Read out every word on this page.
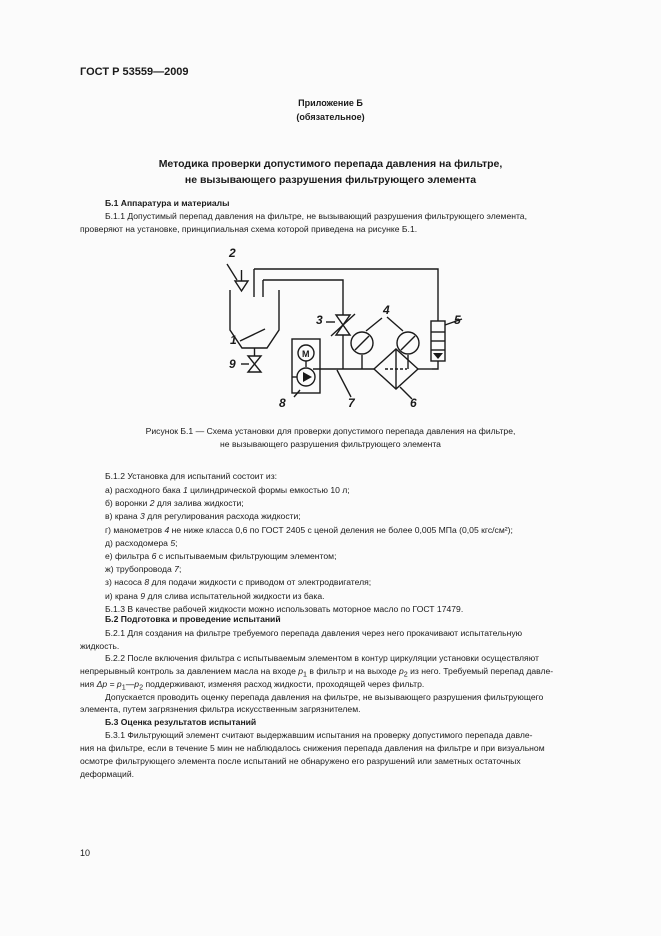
ГОСТ Р 53559—2009
Приложение Б
(обязательное)
Методика проверки допустимого перепада давления на фильтре,
не вызывающего разрушения фильтрующего элемента
Б.1 Аппаратура и материалы
Б.1.1 Допустимый перепад давления на фильтре, не вызывающий разрушения фильтрующего элемента,
проверяют на установке, принципиальная схема которой приведена на рисунке Б.1.
2
1
3
4
5
9
8	7	6
М
Рисунок Б.1 — Схема установки для проверки допустимого перепада давления на фильтре,
не вызывающего разрушения фильтрующего элемента
Б.1.2 Установка для испытаний состоит из:
а) расходного бака 1 цилиндрической формы емкостью 10 л;
б) воронки 2 для залива жидкости;
в) крана 3 для регулирования расхода жидкости;
г) манометров 4 не ниже класса 0,6 по ГОСТ 2405 с ценой деления не более 0,005 МПа (0,05 кгс/см²);
д) расходомера 5;
е) фильтра 6 с испытываемым фильтрующим элементом;
ж) трубопровода 7;
з) насоса 8 для подачи жидкости с приводом от электродвигателя;
и) крана 9 для слива испытательной жидкости из бака.
Б.1.3 В качестве рабочей жидкости можно использовать моторное масло по ГОСТ 17479.
Б.2 Подготовка и проведение испытаний
Б.2.1 Для создания на фильтре требуемого перепада давления через него прокачивают испытательную
жидкость.
Б.2.2 После включения фильтра с испытываемым элементом в контур циркуляции установки осуществляют
непрерывный контроль за давлением масла на входе $p_1$ в фильтр и на выходе $p_2$ из него. Требуемый перепад давле-
ния $\Delta p = p_1—p_2$ поддерживают, изменяя расход жидкости, проходящей через фильтр.
Допускается проводить оценку перепада давления на фильтре, не вызывающего разрушения фильтрующего
элемента, путем загрязнения фильтра искусственным загрязнителем.
Б.3 Оценка результатов испытаний
Б.3.1 Фильтрующий элемент считают выдержавшим испытания на проверку допустимого перепада давле-
ния на фильтре, если в течение 5 мин не наблюдалось снижения перепада давления на фильтре и при визуальном
осмотре фильтрующего элемента после испытаний не обнаружено его разрушений или заметных остаточных
деформаций.
10
